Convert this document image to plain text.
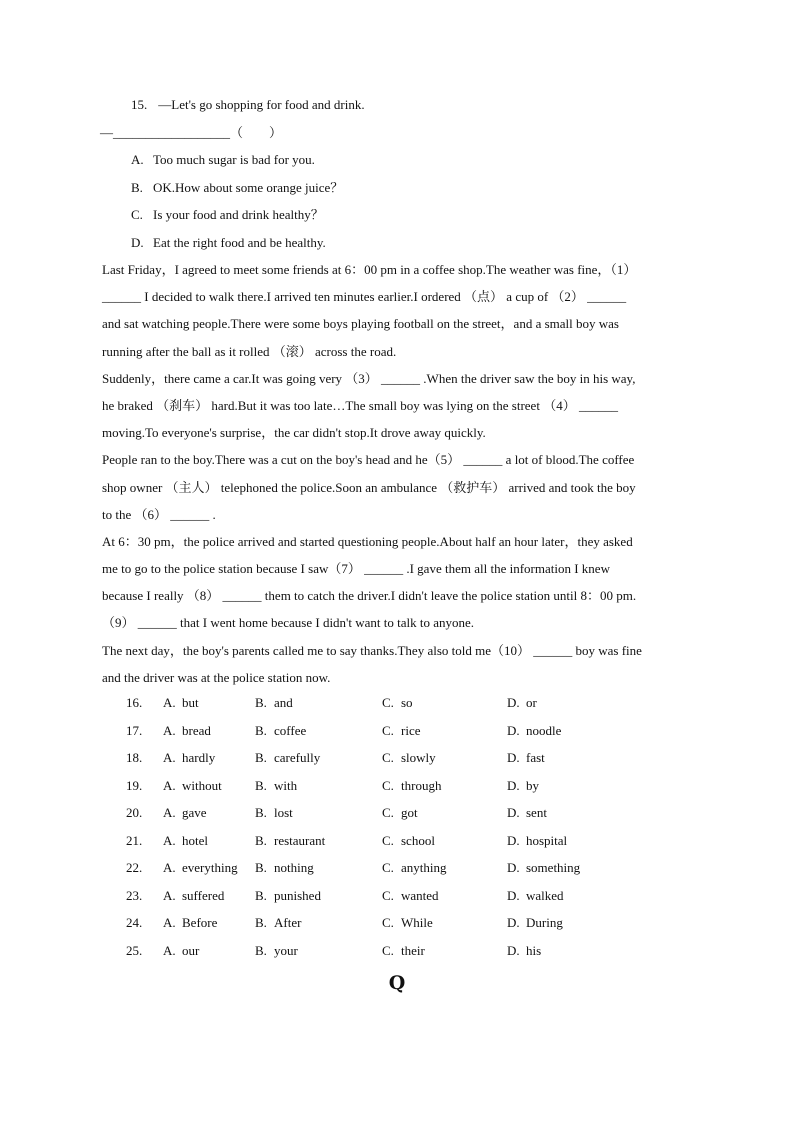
15. —Let's go shopping for food and drink.
—__________________（　　）
A. Too much sugar is bad for you.
B. OK.How about some orange juice？
C. Is your food and drink healthy？
D. Eat the right food and be healthy.
Last Friday，I agreed to meet some friends at 6：00 pm in a coffee shop.The weather was fine，（1）
______ I decided to walk there.I arrived ten minutes earlier.I ordered （点） a cup of （2） ______
and sat watching people.There were some boys playing football on the street，and a small boy was
running after the ball as it rolled （滚） across the road.
Suddenly，there came a car.It was going very （3） ______ .When the driver saw the boy in his way,
he braked （刹车） hard.But it was too late…The small boy was lying on the street （4） ______
moving.To everyone's surprise，the car didn't stop.It drove away quickly.
People ran to the boy.There was a cut on the boy's head and he（5） ______ a lot of blood.The coffee
shop owner （主人） telephoned the police.Soon an ambulance （救护车） arrived and took the boy
to the （6） ______ .
At 6：30 pm，the police arrived and started questioning people.About half an hour later，they asked
me to go to the police station because I saw（7） ______ .I gave them all the information I knew
because I really （8） ______ them to catch the driver.I didn't leave the police station until 8：00 pm.
（9） ______ that I went home because I didn't want to talk to anyone.
The next day，the boy's parents called me to say thanks.They also told me（10） ______ boy was fine
and the driver was at the police station now.
16.	A. but	B. and	C. so	D. or
17.	A. bread	B. coffee	C. rice	D. noodle
18.	A. hardly	B. carefully	C. slowly	D. fast
19.	A. without	B. with	C. through	D. by
20.	A. gave	B. lost	C. got	D. sent
21.	A. hotel	B. restaurant	C. school	D. hospital
22.	A. everything B. nothing	C. anything	D. something
23.	A. suffered B. punished	C. wanted	D. walked
24.	A. Before	B. After	C. While	D. During
25.	A. our	B. your	C. their	D. his
Q
